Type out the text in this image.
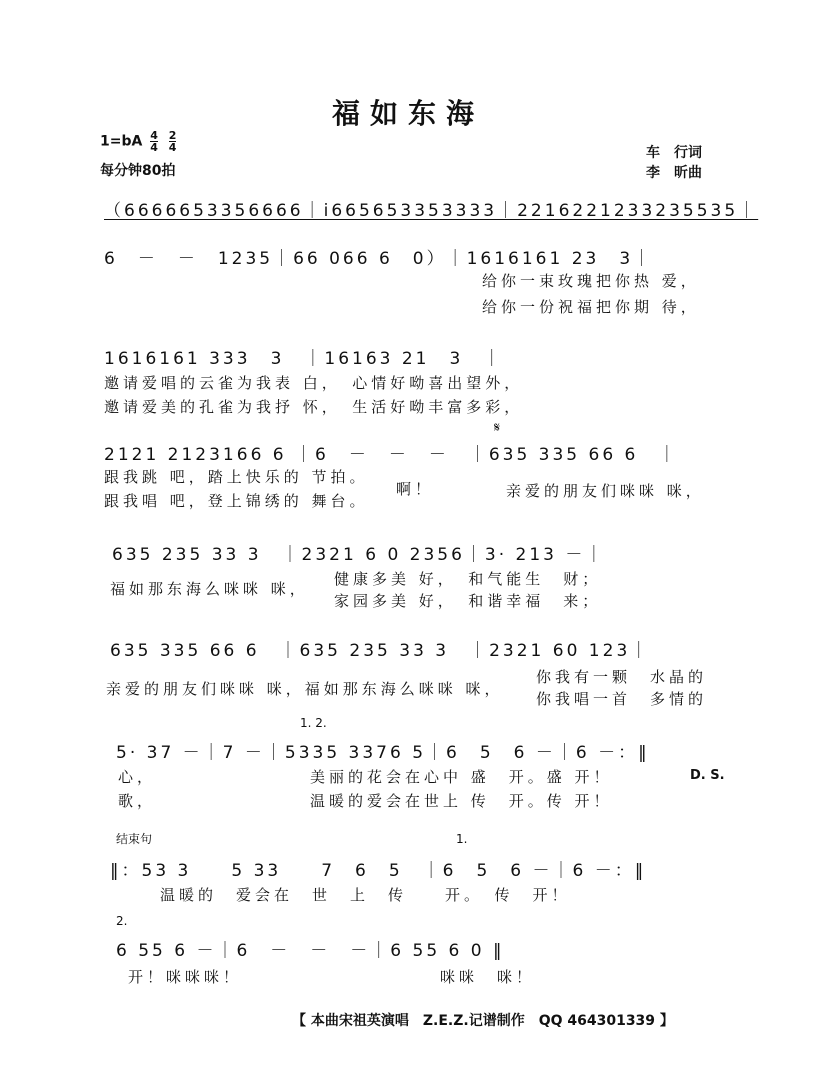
福如东海
$1=bA \frac{4}{4}$
$\frac{2}{4}$
每分钟80拍
车　行词
李　昕曲
（6666653356666｜i665653353333｜2216221233235535｜
6　－　－　1235｜66 066 6　0）｜1616161 23　3｜
给你一束玫瑰把你热 爱，
给你一份祝福把你期 待，
1616161 333　3　｜16163 21　3　｜
邀请爱唱的云雀为我表 白，　心情好呦喜出望外，
邀请爱美的孔雀为我抒 怀，　生活好呦丰富多彩，
2121 2123166 6 ｜6　－　－　－　｜635 335 66 6　｜
𝄋
跟我跳 吧，踏上快乐的 节拍。
跟我唱 吧，登上锦绣的 舞台。
啊！	亲爱的朋友们咪咪 咪，
635 235 33 3　｜2321 6 0 2356｜3· 213 －｜
福如那东海么咪咪 咪，
健康多美 好，　和气能生　财；
家园多美 好，　和谐幸福　来；
635 335 66 6　｜635 235 33 3　｜2321 60 123｜
亲爱的朋友们咪咪 咪，福如那东海么咪咪 咪，
你我有一颗　水晶的
你我唱一首　多情的
1. 2.
5· 37 －｜7 －｜5335 3376 5｜6　5　6 －｜6 －：‖
心，
歌，
美丽的花会在心中 盛　开。盛 开！
温暖的爱会在世上 传　开。传 开！
D. S.
结束句	1.
‖：53 3　　5 33　　7　6　5　｜6　5　6 －｜6 －：‖
温暖的　爱会在　世　上　传　　开。　传　开！
2.
6 55 6 －｜6　－　－　－｜6 55 6 0 ‖
开！咪咪咪！	咪咪　咪！
【 本曲宋祖英演唱　Z.E.Z.记谱制作　QQ 464301339 】
